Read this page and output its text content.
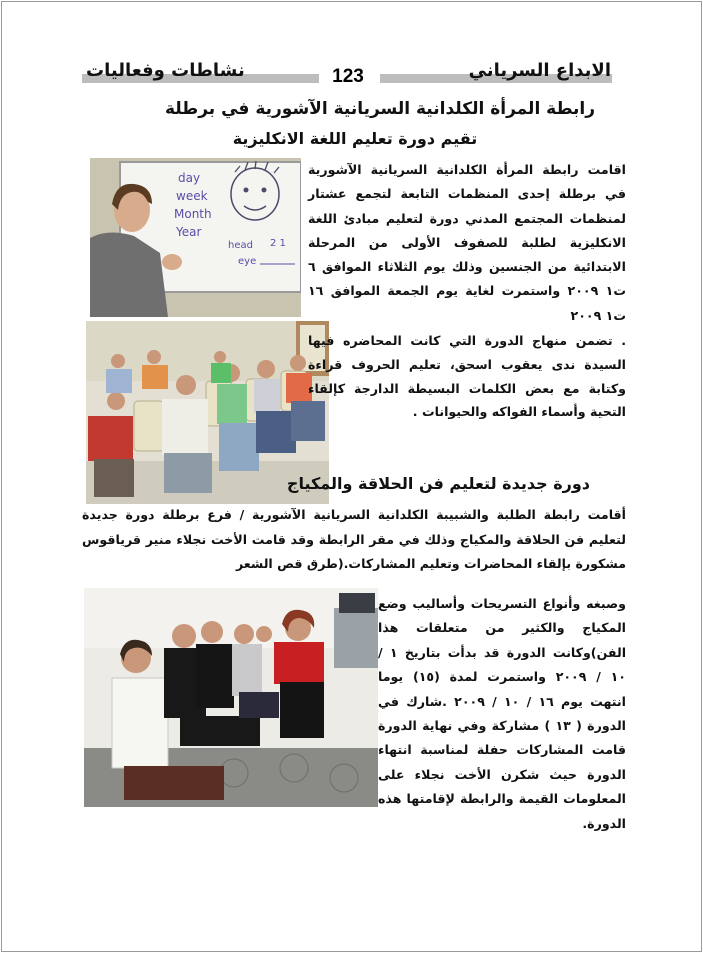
نشاطات وفعاليات	123	الابداع السرياني
رابطة المرأة الكلدانية السريانية الآشورية في برطلة
تقيم دورة تعليم اللغة الانكليزية
day
week
Month
Year
head
eye
2 1
اقامت رابطة المرأة الكلدانية السريانية الآشورية في برطلة إحدى المنظمات التابعة لتجمع عشتار لمنظمات المجتمع المدني دورة لتعليم مبادئ اللغة الانكليزية لطلبة للصفوف الأولى من المرحلة الابتدائية من الجنسين وذلك يوم الثلاثاء الموافق ٦ ت١ ٢٠٠٩ واستمرت لغاية يوم الجمعة الموافق ١٦ ت١ ٢٠٠٩
. تضمن منهاج الدورة التي كانت المحاضره فيها السيدة ندى يعقوب اسحق، تعليم الحروف قراءة وكتابة مع بعض الكلمات البسيطة الدارجة كإلقاء التحية وأسماء الفواكه والحيوانات .
دورة جديدة لتعليم فن الحلاقة والمكياج
أقامت رابطة الطلبة والشبيبة الكلدانية السريانية الآشورية / فرع برطلة دورة جديدة لتعليم فن الحلاقة والمكياج وذلك في مقر الرابطة وقد قامت الأخت نجلاء منير قرياقوس مشكورة بإلقاء المحاضرات وتعليم المشاركات.(طرق قص الشعر
وصبغه وأنواع التسريحات وأساليب وضع المكياج والكثير من متعلقات هذا الفن)وكانت الدورة قد بدأت بتاريخ ١ / ١٠ / ٢٠٠٩ واستمرت لمدة (١٥) يوما انتهت يوم ١٦ / ١٠ / ٢٠٠٩ .شارك في الدورة ( ١٣ ) مشاركة وفي نهاية الدورة قامت المشاركات حفلة لمناسبة انتهاء الدورة حيث شكرن الأخت نجلاء على المعلومات القيمة والرابطة لإقامتها هذه الدورة.
